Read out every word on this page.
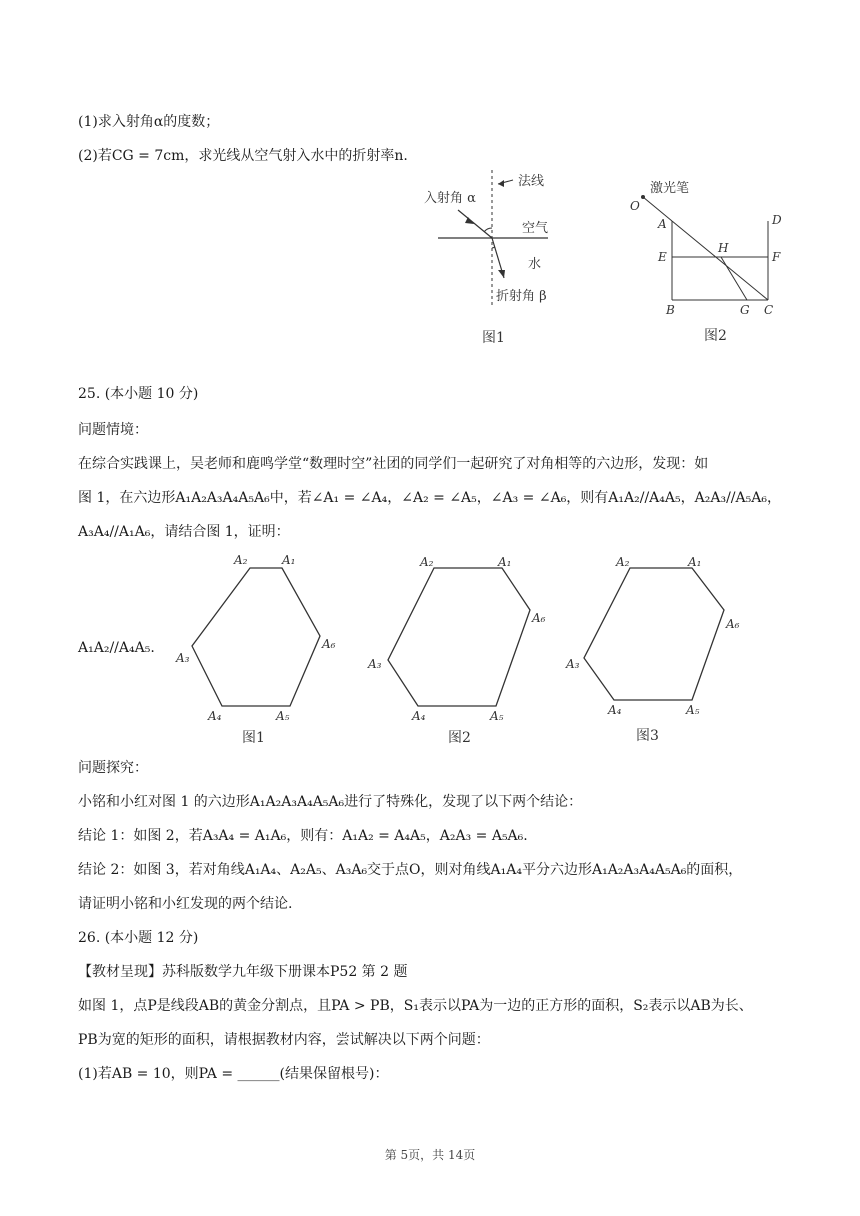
(1)求入射角α的度数；
(2)若CG = 7cm，求光线从空气射入水中的折射率n.
法线
入射角 α
空气
水
折射角 β
图1
激光笔
O
A	D
E
H
F
B	G C
图2
25. (本小题 10 分)
问题情境：
在综合实践课上，吴老师和鹿鸣学堂“数理时空”社团的同学们一起研究了对角相等的六边形，发现：如
图 1，在六边形A₁A₂A₃A₄A₅A₆中，若∠A₁ = ∠A₄，∠A₂ = ∠A₅，∠A₃ = ∠A₆，则有A₁A₂//A₄A₅，A₂A₃//A₅A₆，
A₃A₄//A₁A₆，请结合图 1，证明：
A₁A₂//A₄A₅.
A₂	A₁
A₆
A₃
A₄	A₅
图1
A₂	A₁
A₆
A₃
A₄	A₅
图2
A₂	A₁
A₆
A₃
A₄	A₅
图3
问题探究：
小铭和小红对图 1 的六边形A₁A₂A₃A₄A₅A₆进行了特殊化，发现了以下两个结论：
结论 1：如图 2，若A₃A₄ = A₁A₆，则有：A₁A₂ = A₄A₅，A₂A₃ = A₅A₆.
结论 2：如图 3，若对角线A₁A₄、A₂A₅、A₃A₆交于点O，则对角线A₁A₄平分六边形A₁A₂A₃A₄A₅A₆的面积，
请证明小铭和小红发现的两个结论.
26. (本小题 12 分)
【教材呈现】苏科版数学九年级下册课本P52 第 2 题
如图 1，点P是线段AB的黄金分割点，且PA > PB，S₁表示以PA为一边的正方形的面积，S₂表示以AB为长、
PB为宽的矩形的面积，请根据教材内容，尝试解决以下两个问题：
(1)若AB = 10，则PA = ______(结果保留根号)：
第 5页，共 14页
